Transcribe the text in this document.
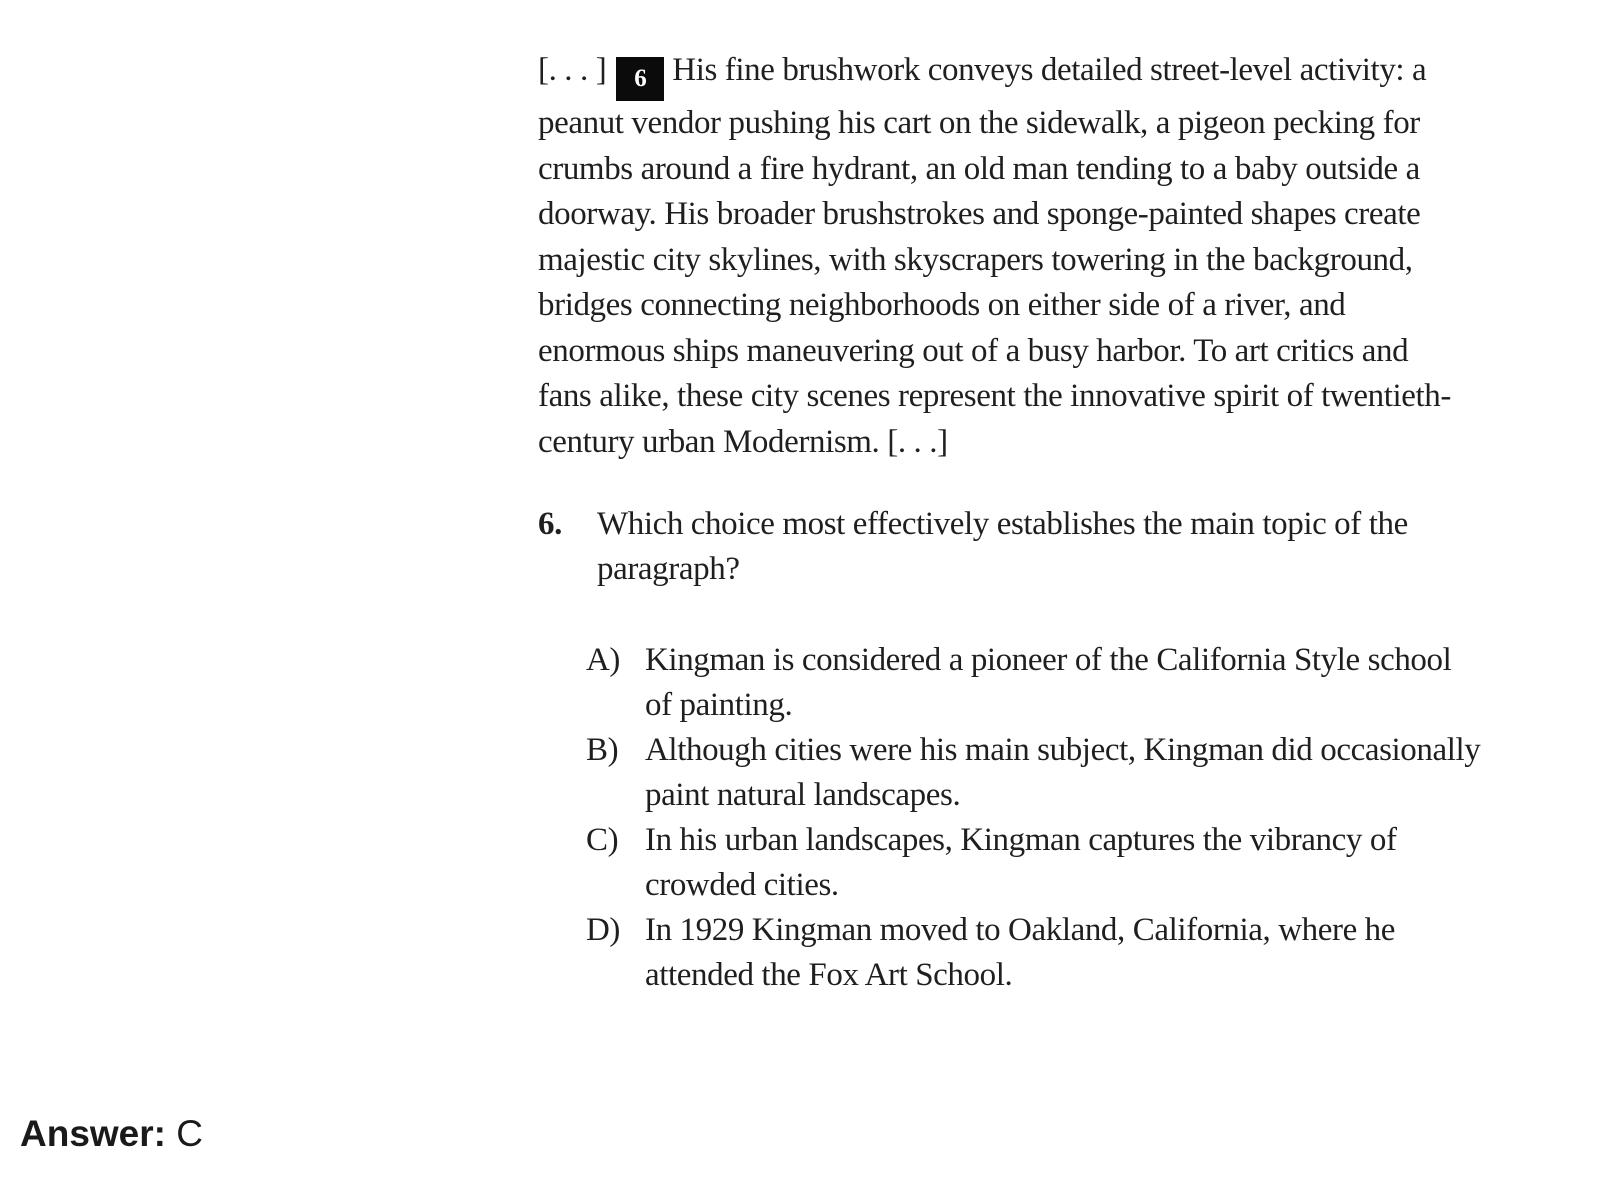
[. . . ] 6 His fine brushwork conveys detailed street-level activity: a
peanut vendor pushing his cart on the sidewalk, a pigeon pecking for
crumbs around a fire hydrant, an old man tending to a baby outside a
doorway. His broader brushstrokes and sponge-painted shapes create
majestic city skylines, with skyscrapers towering in the background,
bridges connecting neighborhoods on either side of a river, and
enormous ships maneuvering out of a busy harbor. To art critics and
fans alike, these city scenes represent the innovative spirit of twentieth-
century urban Modernism. [. . .]
6. Which choice most effectively establishes the main topic of the
paragraph?
A) Kingman is considered a pioneer of the California Style school
of painting.
B) Although cities were his main subject, Kingman did occasionally
paint natural landscapes.
C) In his urban landscapes, Kingman captures the vibrancy of
crowded cities.
D) In 1929 Kingman moved to Oakland, California, where he
attended the Fox Art School.
Answer: C
